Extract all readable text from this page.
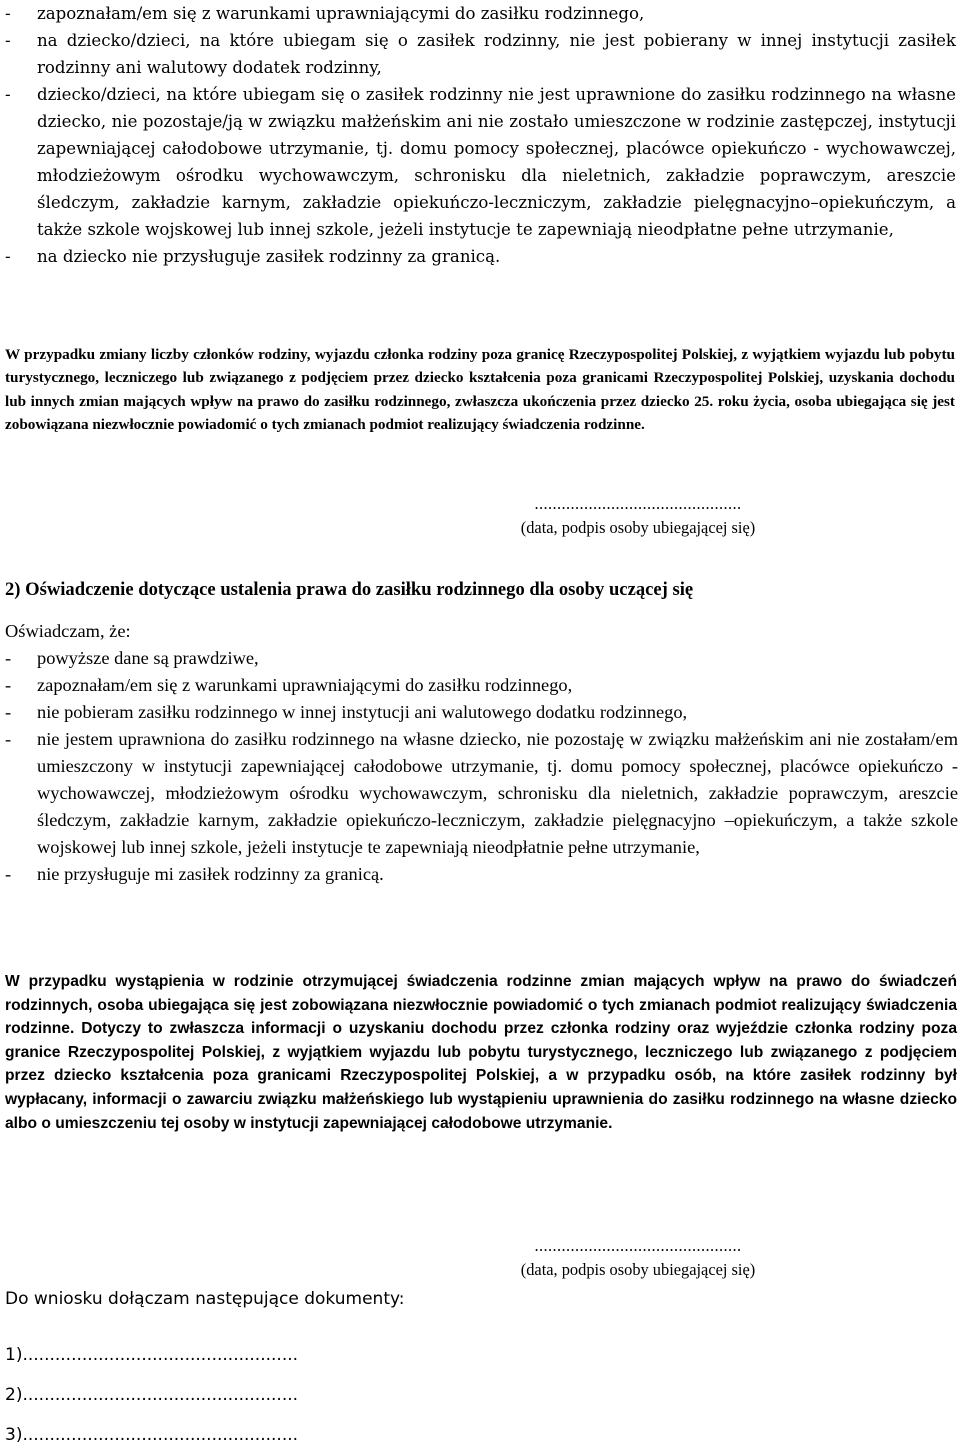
- zapoznałam/em się z warunkami uprawniającymi do zasiłku rodzinnego,
- na dziecko/dzieci, na które ubiegam się o zasiłek rodzinny, nie jest pobierany w innej instytucji zasiłek rodzinny ani walutowy dodatek rodzinny,
- dziecko/dzieci, na które ubiegam się o zasiłek rodzinny nie jest uprawnione do zasiłku rodzinnego na własne dziecko, nie pozostaje/ją w związku małżeńskim ani nie zostało umieszczone w rodzinie zastępczej, instytucji zapewniającej całodobowe utrzymanie, tj. domu pomocy społecznej, placówce opiekuńczo - wychowawczej, młodzieżowym ośrodku wychowawczym, schronisku dla nieletnich, zakładzie poprawczym, areszcie śledczym, zakładzie karnym, zakładzie opiekuńczo-leczniczym, zakładzie pielęgnacyjno–opiekuńczym, a także szkole wojskowej lub innej szkole, jeżeli instytucje te zapewniają nieodpłatne pełne utrzymanie,
- na dziecko nie przysługuje zasiłek rodzinny za granicą.
W przypadku zmiany liczby członków rodziny, wyjazdu członka rodziny poza granicę Rzeczypospolitej Polskiej, z wyjątkiem wyjazdu lub pobytu turystycznego, leczniczego lub związanego z podjęciem przez dziecko kształcenia poza granicami Rzeczypospolitej Polskiej, uzyskania dochodu lub innych zmian mających wpływ na prawo do zasiłku rodzinnego, zwłaszcza ukończenia przez dziecko 25. roku życia, osoba ubiegająca się jest zobowiązana niezwłocznie powiadomić o tych zmianach podmiot realizujący świadczenia rodzinne.
..............................................
(data, podpis osoby ubiegającej się)
2) Oświadczenie dotyczące ustalenia prawa do zasiłku rodzinnego dla osoby uczącej się
Oświadczam, że:
- powyższe dane są prawdziwe,
- zapoznałam/em się z warunkami uprawniającymi do zasiłku rodzinnego,
- nie pobieram zasiłku rodzinnego w innej instytucji ani walutowego dodatku rodzinnego,
- nie jestem uprawniona do zasiłku rodzinnego na własne dziecko, nie pozostaję w związku małżeńskim ani nie zostałam/em umieszczony w instytucji zapewniającej całodobowe utrzymanie, tj. domu pomocy społecznej, placówce opiekuńczo -wychowawczej, młodzieżowym ośrodku wychowawczym, schronisku dla nieletnich, zakładzie poprawczym, areszcie śledczym, zakładzie karnym, zakładzie opiekuńczo-leczniczym, zakładzie pielęgnacyjno –opiekuńczym, a także szkole wojskowej lub innej szkole, jeżeli instytucje te zapewniają nieodpłatnie pełne utrzymanie,
- nie przysługuje mi zasiłek rodzinny za granicą.
W przypadku wystąpienia w rodzinie otrzymującej świadczenia rodzinne zmian mających wpływ na prawo do świadczeń rodzinnych, osoba ubiegająca się jest zobowiązana niezwłocznie powiadomić o tych zmianach podmiot realizujący świadczenia rodzinne. Dotyczy to zwłaszcza informacji o uzyskaniu dochodu przez członka rodziny oraz wyjeździe członka rodziny poza granice Rzeczypospolitej Polskiej, z wyjątkiem wyjazdu lub pobytu turystycznego, leczniczego lub związanego z podjęciem przez dziecko kształcenia poza granicami Rzeczypospolitej Polskiej, a w przypadku osób, na które zasiłek rodzinny był wypłacany, informacji o zawarciu związku małżeńskiego lub wystąpieniu uprawnienia do zasiłku rodzinnego na własne dziecko albo o umieszczeniu tej osoby w instytucji zapewniającej całodobowe utrzymanie.
..............................................
(data, podpis osoby ubiegającej się)
Do wniosku dołączam następujące dokumenty:
1)...................................................
2)...................................................
3)...................................................
